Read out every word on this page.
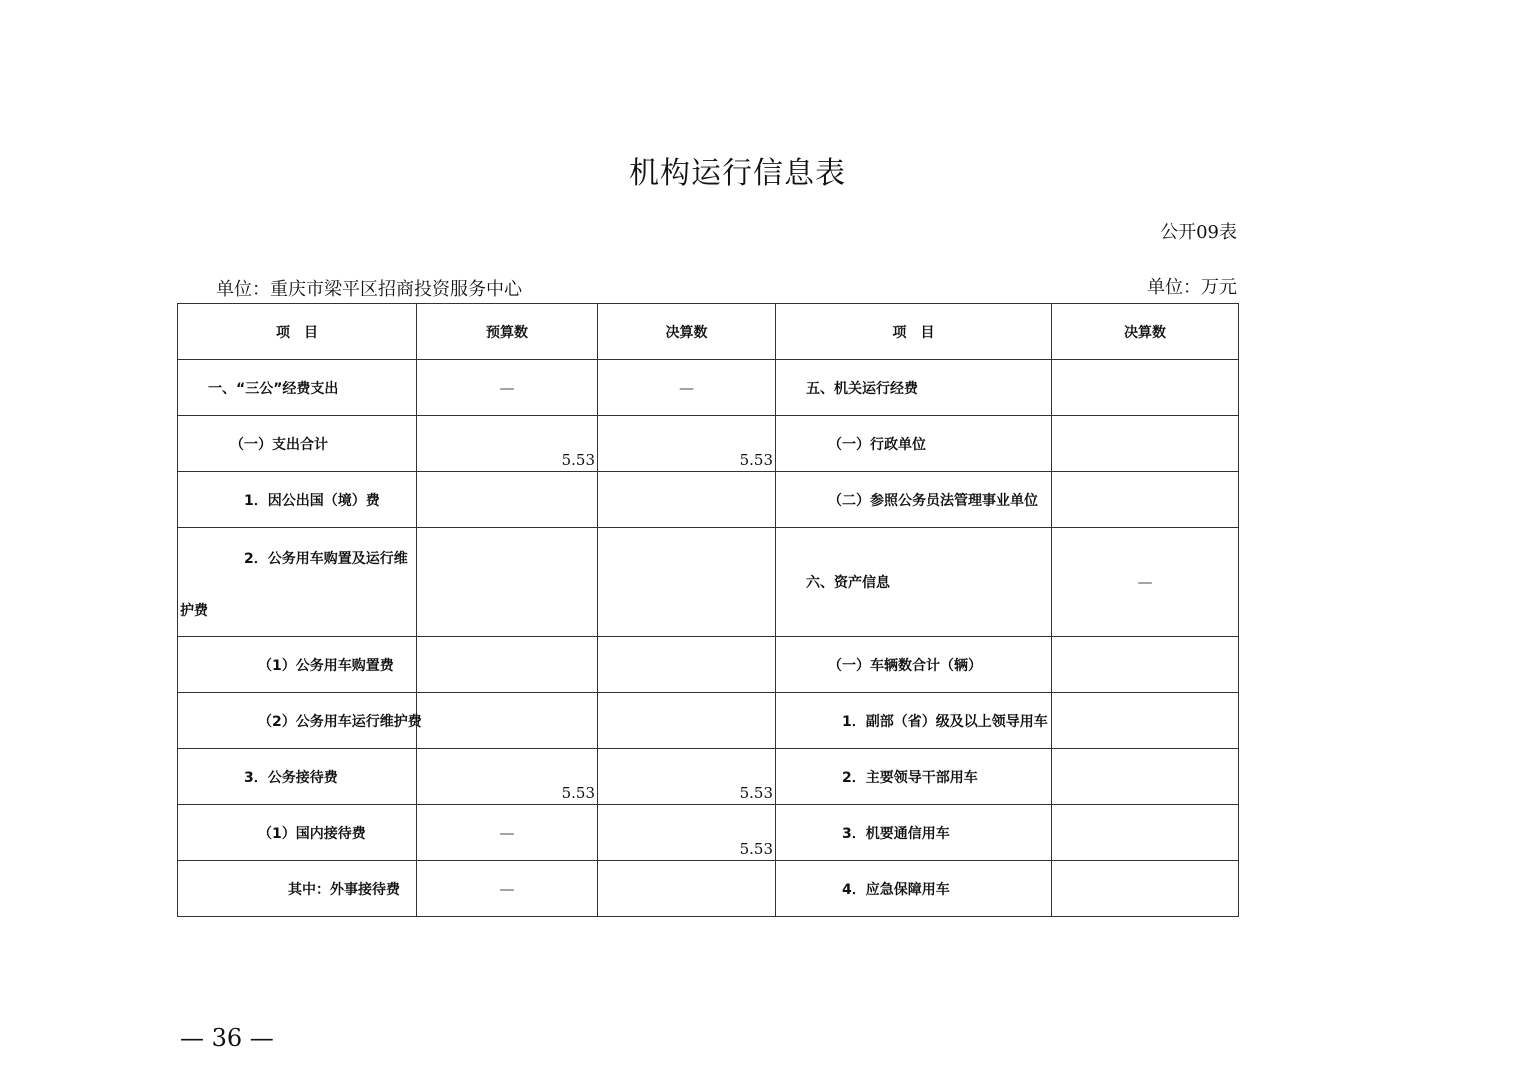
机构运行信息表
公开09表
单位：重庆市梁平区招商投资服务中心	单位：万元
项　目	预算数	决算数	项　目	决算数
一、“三公”经费支出	—	—	五、机关运行经费	
（一）支出合计	5.53	5.53	（一）行政单位	
1．因公出国（境）费			（二）参照公务员法管理事业单位	

2．公务用车购置及运行维
护费			六、资产信息	—
（1）公务用车购置费			（一）车辆数合计（辆）	
（2）公务用车运行维护费			1．副部（省）级及以上领导用车	
3．公务接待费	5.53	5.53	2．主要领导干部用车	
（1）国内接待费	—	5.53	3．机要通信用车	
其中：外事接待费	—		4．应急保障用车	
— 36 —
